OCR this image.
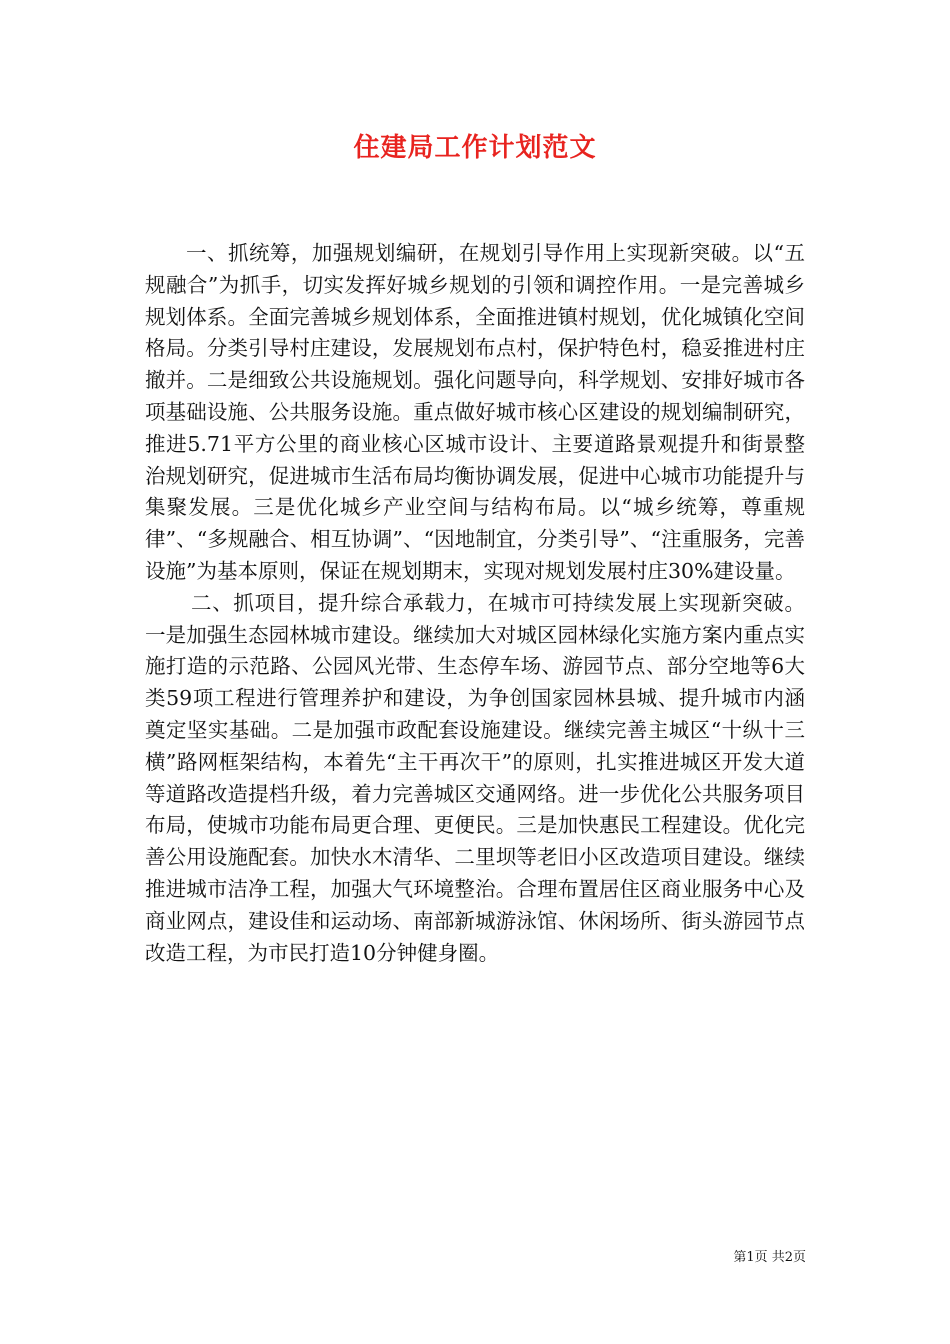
住建局工作计划范文

一、抓统筹，加强规划编研，在规划引导作用上实现新突破。以“五规融合”为抓手，切实发挥好城乡规划的引领和调控作用。一是完善城乡规划体系。全面完善城乡规划体系，全面推进镇村规划，优化城镇化空间格局。分类引导村庄建设，发展规划布点村，保护特色村，稳妥推进村庄撤并。二是细致公共设施规划。强化问题导向，科学规划、安排好城市各项基础设施、公共服务设施。重点做好城市核心区建设的规划编制研究，推进5.71平方公里的商业核心区城市设计、主要道路景观提升和街景整治规划研究，促进城市生活布局均衡协调发展，促进中心城市功能提升与集聚发展。三是优化城乡产业空间与结构布局。以“城乡统筹，尊重规律”、“多规融合、相互协调”、“因地制宜，分类引导”、“注重服务，完善设施”为基本原则，保证在规划期末，实现对规划发展村庄30%建设量。

二、抓项目，提升综合承载力，在城市可持续发展上实现新突破。一是加强生态园林城市建设。继续加大对城区园林绿化实施方案内重点实施打造的示范路、公园风光带、生态停车场、游园节点、部分空地等6大类59项工程进行管理养护和建设，为争创国家园林县城、提升城市内涵奠定坚实基础。二是加强市政配套设施建设。继续完善主城区“十纵十三横”路网框架结构，本着先“主干再次干”的原则，扎实推进城区开发大道等道路改造提档升级，着力完善城区交通网络。进一步优化公共服务项目布局，使城市功能布局更合理、更便民。三是加快惠民工程建设。优化完善公用设施配套。加快水木清华、二里坝等老旧小区改造项目建设。继续推进城市洁净工程，加强大气环境整治。合理布置居住区商业服务中心及商业网点，建设佳和运动场、南部新城游泳馆、休闲场所、街头游园节点改造工程，为市民打造10分钟健身圈。

第1页 共2页
